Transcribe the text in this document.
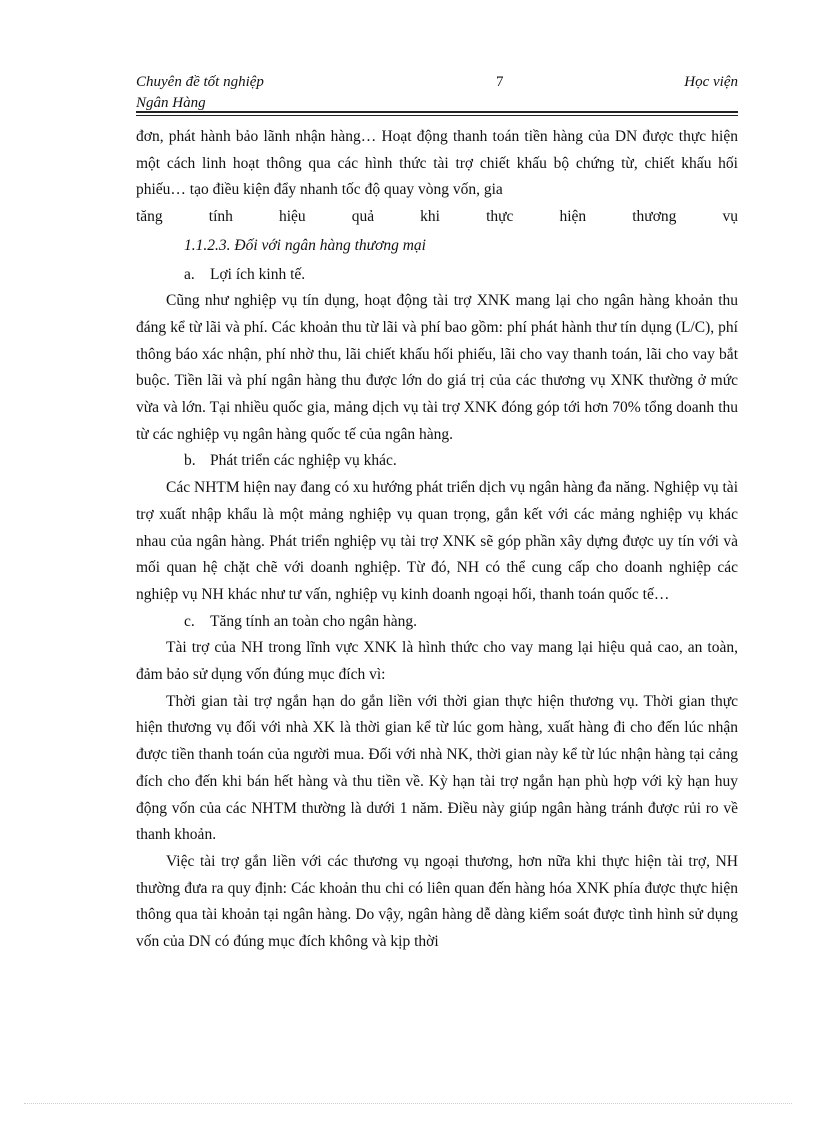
Chuyên đề tốt nghiệp
Ngân Hàng
7	Học viện

đơn, phát hành bảo lãnh nhận hàng… Hoạt động thanh toán tiền hàng của DN được thực hiện một cách linh hoạt thông qua các hình thức tài trợ chiết khấu bộ chứng từ, chiết khấu hối phiếu… tạo điều kiện đẩy nhanh tốc độ quay vòng vốn, gia

tăng tính hiệu quả khi thực hiện thương vụ

1.1.2.3. Đối với ngân hàng thương mại

a. Lợi ích kinh tế.

Cũng như nghiệp vụ tín dụng, hoạt động tài trợ XNK mang lại cho ngân hàng khoản thu đáng kể từ lãi và phí. Các khoản thu từ lãi và phí bao gồm: phí phát hành thư tín dụng (L/C), phí thông báo xác nhận, phí nhờ thu, lãi chiết khấu hối phiếu, lãi cho vay thanh toán, lãi cho vay bắt buộc. Tiền lãi và phí ngân hàng thu được lớn do giá trị của các thương vụ XNK thường ở mức vừa và lớn. Tại nhiều quốc gia, mảng dịch vụ tài trợ XNK đóng góp tới hơn 70% tổng doanh thu từ các nghiệp vụ ngân hàng quốc tế của ngân hàng.

b. Phát triển các nghiệp vụ khác.

Các NHTM hiện nay đang có xu hướng phát triển dịch vụ ngân hàng đa năng. Nghiệp vụ tài trợ xuất nhập khẩu là một mảng nghiệp vụ quan trọng, gắn kết với các mảng nghiệp vụ khác nhau của ngân hàng. Phát triển nghiệp vụ tài trợ XNK sẽ góp phần xây dựng được uy tín với và mối quan hệ chặt chẽ với doanh nghiệp. Từ đó, NH có thể cung cấp cho doanh nghiệp các nghiệp vụ NH khác như tư vấn, nghiệp vụ kinh doanh ngoại hối, thanh toán quốc tế…

c. Tăng tính an toàn cho ngân hàng.

Tài trợ của NH trong lĩnh vực XNK là hình thức cho vay mang lại hiệu quả cao, an toàn, đảm bảo sử dụng vốn đúng mục đích vì:

Thời gian tài trợ ngắn hạn do gắn liền với thời gian thực hiện thương vụ. Thời gian thực hiện thương vụ đối với nhà XK là thời gian kể từ lúc gom hàng, xuất hàng đi cho đến lúc nhận được tiền thanh toán của người mua. Đối với nhà NK, thời gian này kể từ lúc nhận hàng tại cảng đích cho đến khi bán hết hàng và thu tiền về. Kỳ hạn tài trợ ngắn hạn phù hợp với kỳ hạn huy động vốn của các NHTM thường là dưới 1 năm. Điều này giúp ngân hàng tránh được rủi ro về thanh khoản.

Việc tài trợ gắn liền với các thương vụ ngoại thương, hơn nữa khi thực hiện tài trợ, NH thường đưa ra quy định: Các khoản thu chi có liên quan đến hàng hóa XNK phía được thực hiện thông qua tài khoản tại ngân hàng. Do vậy, ngân hàng dễ dàng kiểm soát được tình hình sử dụng vốn của DN có đúng mục đích không và kịp thời
